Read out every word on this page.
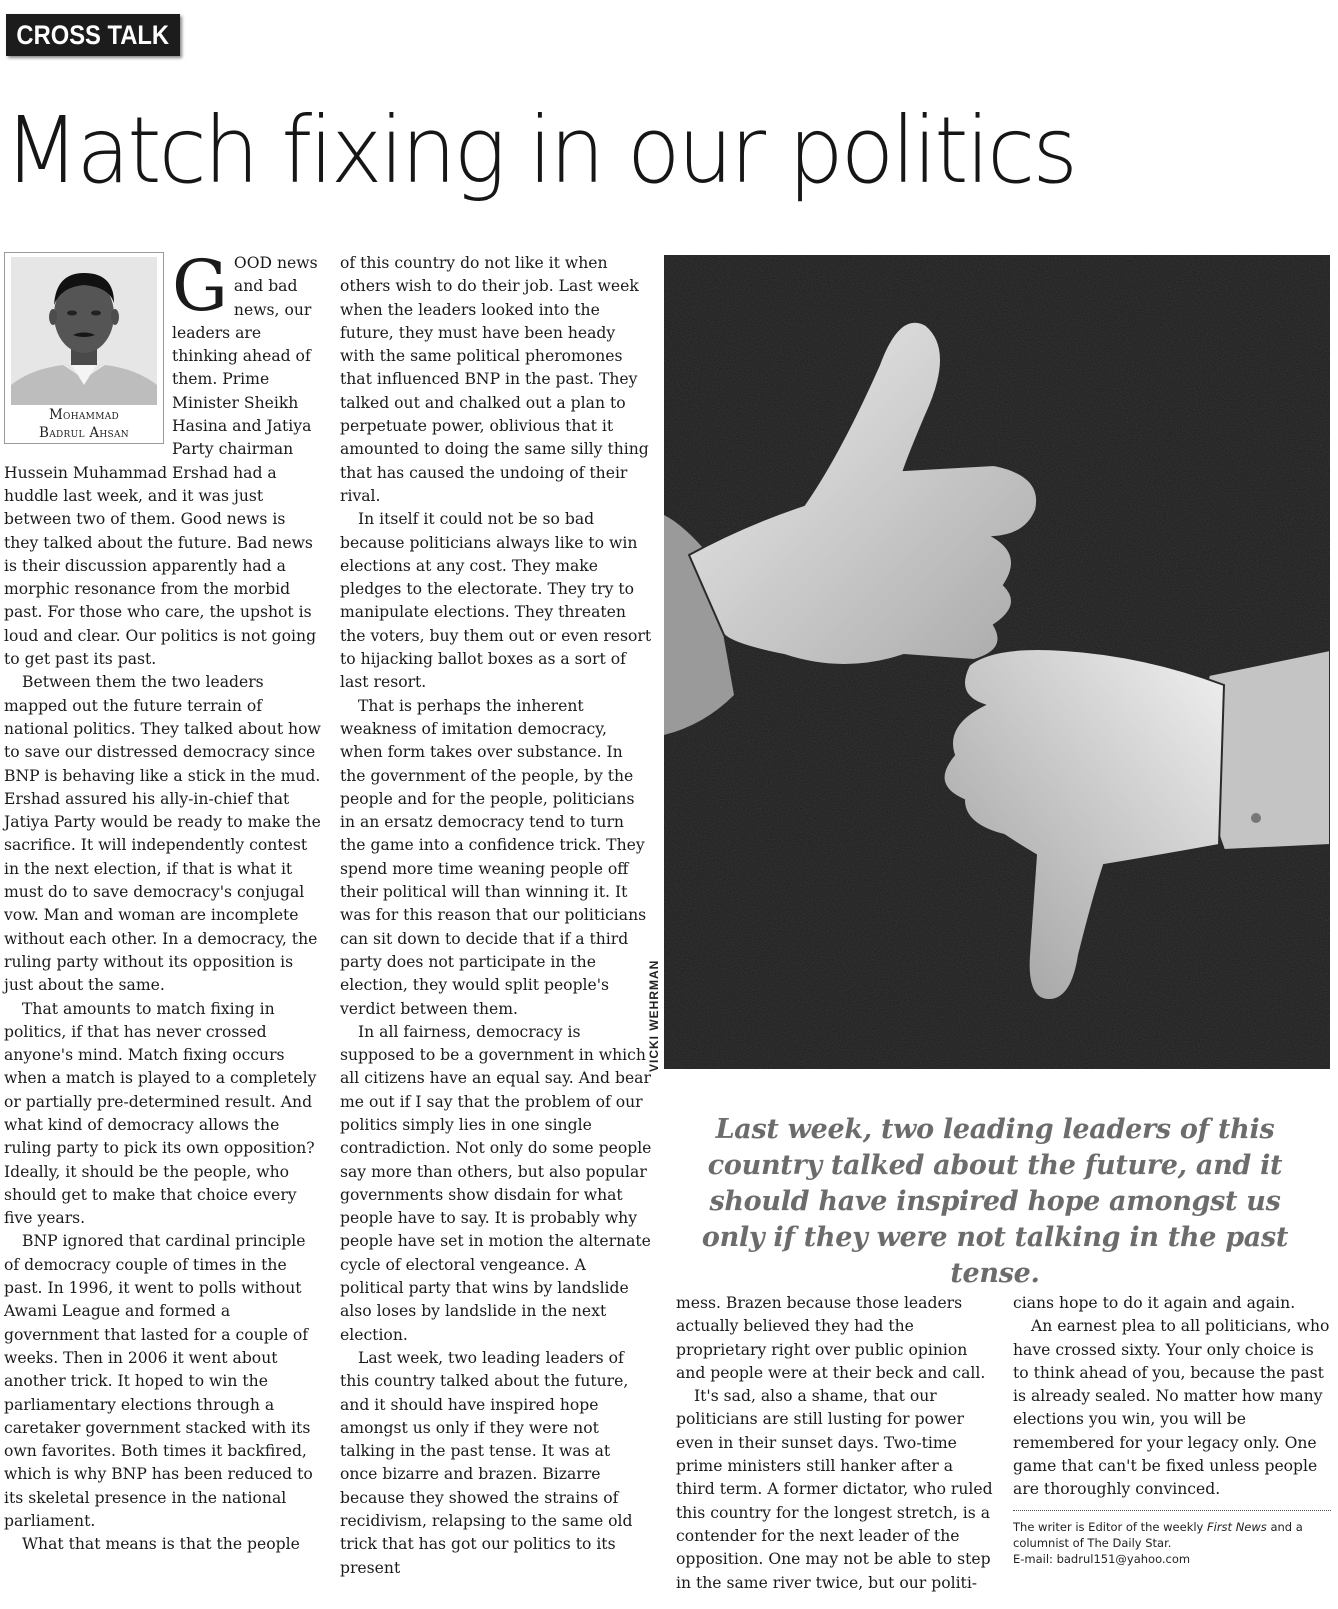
CROSS TALK
Match fixing in our politics
Mohammad
Badrul Ahsan

GOOD news and bad news, our leaders are thinking ahead of them. Prime Minister Sheikh Hasina and Jatiya Party chairman Hussein Muhammad Ershad had a huddle last week, and it was just between two of them. Good news is they talked about the future. Bad news is their discussion apparently had a morphic resonance from the morbid past. For those who care, the upshot is loud and clear. Our politics is not going to get past its past.

Between them the two leaders mapped out the future terrain of national politics. They talked about how to save our distressed democracy since BNP is behaving like a stick in the mud. Ershad assured his ally-in-chief that Jatiya Party would be ready to make the sacrifice. It will independently contest in the next election, if that is what it must do to save democracy's conjugal vow. Man and woman are incomplete without each other. In a democracy, the ruling party without its opposition is just about the same.

That amounts to match fixing in politics, if that has never crossed anyone's mind. Match fixing occurs when a match is played to a completely or partially pre-determined result. And what kind of democracy allows the ruling party to pick its own opposition? Ideally, it should be the people, who should get to make that choice every five years.

BNP ignored that cardinal principle of democracy couple of times in the past. In 1996, it went to polls without Awami League and formed a government that lasted for a couple of weeks. Then in 2006 it went about another trick. It hoped to win the parliamentary elections through a caretaker government stacked with its own favorites. Both times it backfired, which is why BNP has been reduced to its skeletal presence in the national parliament.

What that means is that the people

of this country do not like it when others wish to do their job. Last week when the leaders looked into the future, they must have been heady with the same political pheromones that influenced BNP in the past. They talked out and chalked out a plan to perpetuate power, oblivious that it amounted to doing the same silly thing that has caused the undoing of their rival.

In itself it could not be so bad because politicians always like to win elections at any cost. They make pledges to the electorate. They try to manipulate elections. They threaten the voters, buy them out or even resort to hijacking ballot boxes as a sort of last resort.

That is perhaps the inherent weakness of imitation democracy, when form takes over substance. In the government of the people, by the people and for the people, politicians in an ersatz democracy tend to turn the game into a confidence trick. They spend more time weaning people off their political will than winning it. It was for this reason that our politicians can sit down to decide that if a third party does not participate in the election, they would split people's verdict between them.

In all fairness, democracy is supposed to be a government in which all citizens have an equal say. And bear me out if I say that the problem of our politics simply lies in one single contradiction. Not only do some people say more than others, but also popular governments show disdain for what people have to say. It is probably why people have set in motion the alternate cycle of electoral vengeance. A political party that wins by landslide also loses by landslide in the next election.

Last week, two leading leaders of this country talked about the future, and it should have inspired hope amongst us only if they were not talking in the past tense. It was at once bizarre and brazen. Bizarre because they showed the strains of recidivism, relapsing to the same old trick that has got our politics to its present

VICKI WEHRMAN
Last week, two leading leaders of this country talked about the future, and it should have inspired hope amongst us only if they were not talking in the past tense.

mess. Brazen because those leaders actually believed they had the proprietary right over public opinion and people were at their beck and call.

It's sad, also a shame, that our politicians are still lusting for power even in their sunset days. Two-time prime ministers still hanker after a third term. A former dictator, who ruled this country for the longest stretch, is a contender for the next leader of the opposition. One may not be able to step in the same river twice, but our politi-

cians hope to do it again and again.

An earnest plea to all politicians, who have crossed sixty. Your only choice is to think ahead of you, because the past is already sealed. No matter how many elections you win, you will be remembered for your legacy only. One game that can't be fixed unless people are thoroughly convinced.

The writer is Editor of the weekly First News and a columnist of The Daily Star.

E-mail: badrul151@yahoo.com
